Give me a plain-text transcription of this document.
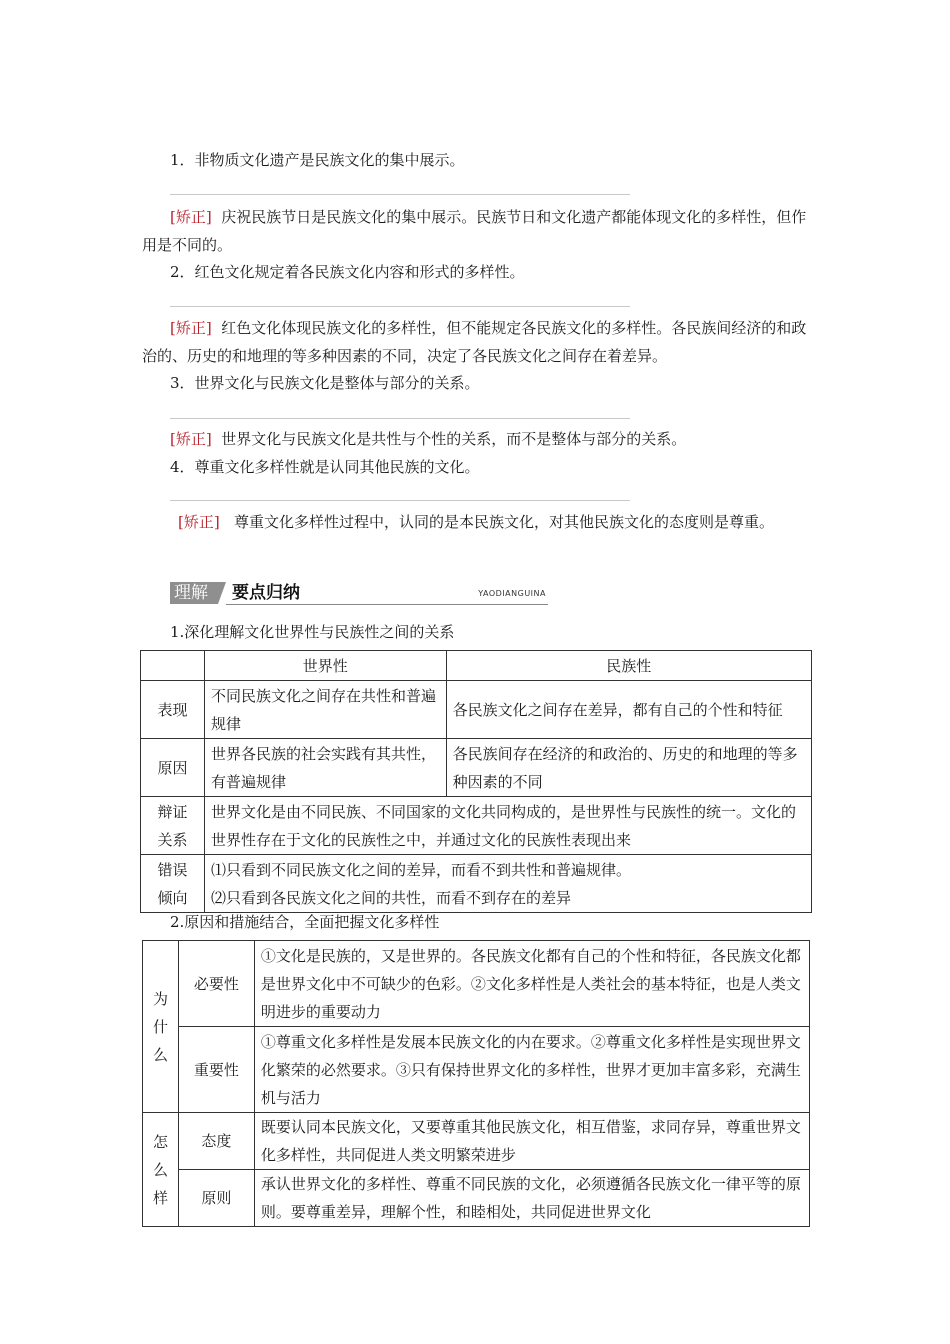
1．非物质文化遗产是民族文化的集中展示。
[矫正] 庆祝民族节日是民族文化的集中展示。民族节日和文化遗产都能体现文化的多样性，但作用是不同的。
2．红色文化规定着各民族文化内容和形式的多样性。
[矫正] 红色文化体现民族文化的多样性，但不能规定各民族文化的多样性。各民族间经济的和政治的、历史的和地理的等多种因素的不同，决定了各民族文化之间存在着差异。
3．世界文化与民族文化是整体与部分的关系。
[矫正] 世界文化与民族文化是共性与个性的关系，而不是整体与部分的关系。
4．尊重文化多样性就是认同其他民族的文化。
[矫正] 尊重文化多样性过程中，认同的是本民族文化，对其他民族文化的态度则是尊重。
理解	要点归纳	YAODIANGUINA
1.深化理解文化世界性与民族性之间的关系
	世界性	民族性
表现	不同民族文化之间存在共性和普遍规律	各民族文化之间存在差异，都有自己的个性和特征
原因	世界各民族的社会实践有其共性，有普遍规律	各民族间存在经济的和政治的、历史的和地理的等多种因素的不同
辩证关系	世界文化是由不同民族、不同国家的文化共同构成的，是世界性与民族性的统一。文化的世界性存在于文化的民族性之中，并通过文化的民族性表现出来	
错误倾向	⑴只看到不同民族文化之间的差异，而看不到共性和普遍规律。
⑵只看到各民族文化之间的共性，而看不到存在的差异	
2.原因和措施结合，全面把握文化多样性
为什么	必要性	①文化是民族的，又是世界的。各民族文化都有自己的个性和特征，各民族文化都是世界文化中不可缺少的色彩。②文化多样性是人类社会的基本特征，也是人类文明进步的重要动力
	重要性	①尊重文化多样性是发展本民族文化的内在要求。②尊重文化多样性是实现世界文化繁荣的必然要求。③只有保持世界文化的多样性，世界才更加丰富多彩，充满生机与活力

怎么样	态度	既要认同本民族文化，又要尊重其他民族文化，相互借鉴，求同存异，尊重世界文化多样性，共同促进人类文明繁荣进步
	原则	承认世界文化的多样性、尊重不同民族的文化，必须遵循各民族文化一律平等的原则。要尊重差异，理解个性，和睦相处，共同促进世界文化
